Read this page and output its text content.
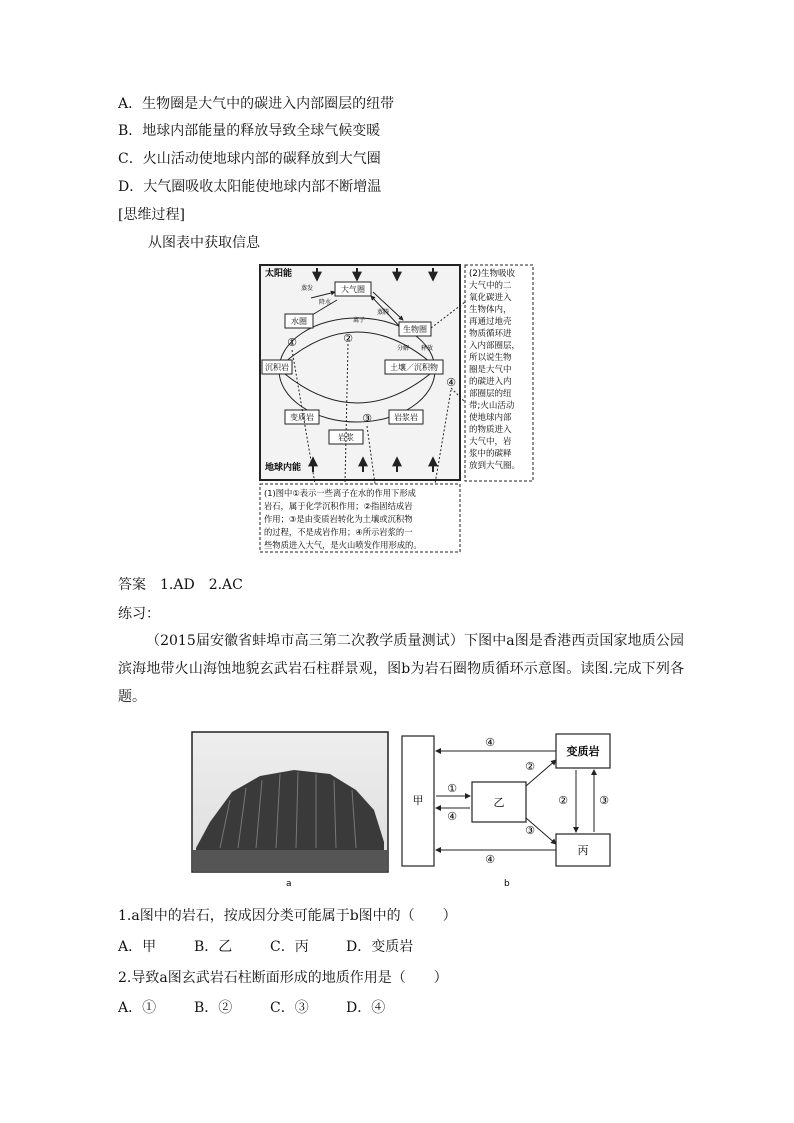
A．生物圈是大气中的碳进入内部圈层的纽带
B．地球内部能量的释放导致全球气候变暖
C．火山活动使地球内部的碳释放到大气圈
D．大气圈吸收太阳能使地球内部不断增温
[思维过程]
从图表中获取信息
太阳能
地球内能
大气圈
水圈
生物圈
沉积岩	土壤／沉积物
变质岩	岩浆岩
岩浆
蒸发
降水
离子
蒸腾
分解 释放
①	②
③
④
(2)生物吸收
大气中的二
氧化碳进入
生物体内，
再通过地壳
物质循环进
入内部圈层，
所以说生物
圈是大气中
的碳进入内
部圈层的纽
带;火山活动
使地球内部
的物质进入
大气中，岩
浆中的碳释
放到大气圈。
(1)图中①表示一些离子在水的作用下形成
岩石，属于化学沉积作用；②指固结成岩
作用；③是由变质岩转化为土壤或沉积物
的过程，不是成岩作用；④所示岩浆的一
些物质进入大气，是火山喷发作用形成的。
答案　1.AD　2.AC
练习：
（2015届安徽省蚌埠市高三第二次教学质量测试）下图中a图是香港西贡国家地质公园滨海地带火山海蚀地貌玄武岩石柱群景观，图b为岩石圈物质循环示意图。读图.完成下列各题。
a
甲	乙
变质岩
丙
④
④
①
④
②
③
②	③
b
1.a图中的岩石，按成因分类可能属于b图中的（　　）
A．甲	B．乙	C．丙	D．变质岩
2.导致a图玄武岩石柱断面形成的地质作用是（　　）
A．①	B．②	C．③	D．④
